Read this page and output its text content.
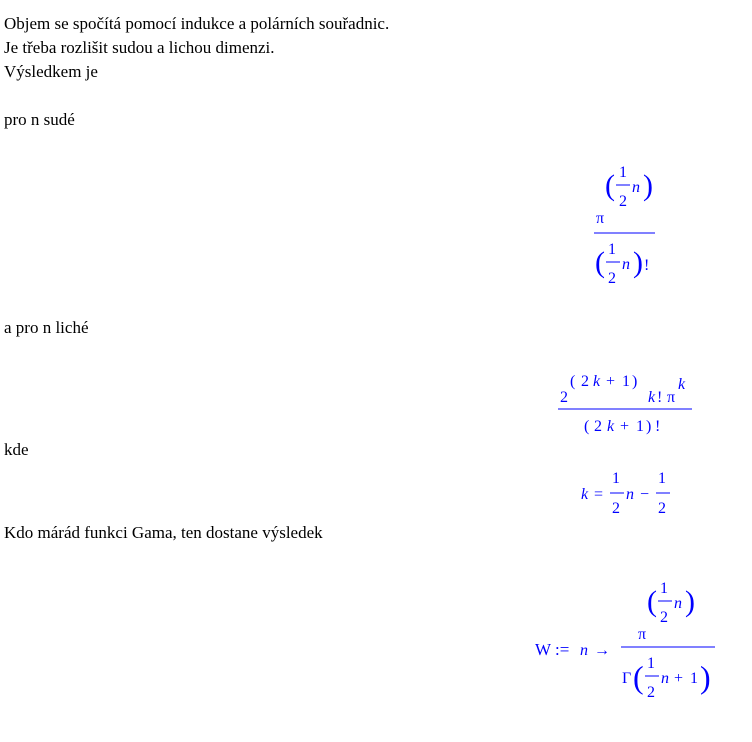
Objem se spočítá pomocí indukce a polárních souřadnic.
Je třeba rozlišit sudou a lichou dimenzi.
Výsledkem je
pro n sudé
a pro n liché
kde
Kdo márád funkci Gama, ten dostane výsledek
( 1
2
n )
π
( 1
2
n ) !
2
( 2 k + 1 )
k ! π
k
( 2 k + 1 ) !
k =
1
2
n −
1
2
W := n →
( 1
2
n )
π
Γ ( 1
2
n + 1 )
